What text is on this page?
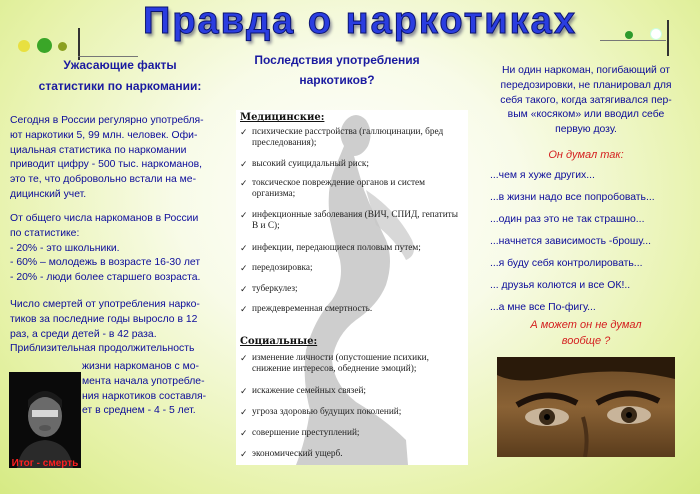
Правда о наркотиках
Ужасающие факты
статистики по наркомании:

Сегодня в России регулярно употребля-

ют наркотики 5, 99 млн. человек. Офи-

циальная статистика по наркомании

приводит цифру - 500 тыс. наркоманов,

это те, что добровольно встали на ме-

дицинский учет.

От общего числа наркоманов в России

по статистике:

- 20% - это школьники.

- 60% – молодежь в возрасте 16-30 лет

- 20% - люди более старшего возраста.

Число смертей от употребления нарко-

тиков за последние годы выросло в 12

раз, а среди детей - в 42 раза.

Приблизительная продолжительность

жизни наркоманов с мо-

мента начала употребле-

ния наркотиков составля-

ет в среднем - 4 - 5 лет.

Итог - смерть
Последствия употребления
наркотиков?
Медицинские:
✓ психические расстройства (галлюцинации, бред преследования);
✓ высокий суицидальный риск;
✓ токсическое повреждение органов и систем организма;
✓ инфекционные заболевания (ВИЧ, СПИД, гепатиты В и С);
✓ инфекции, передающиеся половым путем;
✓ передозировка;
✓ туберкулез;
✓ преждевременная смертность.
Социальные:
✓ изменение личности (опустошение психики, снижение интересов, обеднение эмоций);
✓ искажение семейных связей;
✓ угроза здоровью будущих поколений;
✓ совершение преступлений;
✓ экономический ущерб.
Ни один наркоман, погибающий от
передозировки, не планировал для
себя такого, когда затягивался пер-
вым «косяком» или вводил себе
первую дозу.
Он думал так:
...чем я хуже других...
...в жизни надо все попробовать...
...один раз это не так страшно...
...начнется зависимость -брошу...
...я буду себя контролировать...
... друзья колются и все ОК!..
...а мне все По-фигу...
А может он не думал
вообще ?
